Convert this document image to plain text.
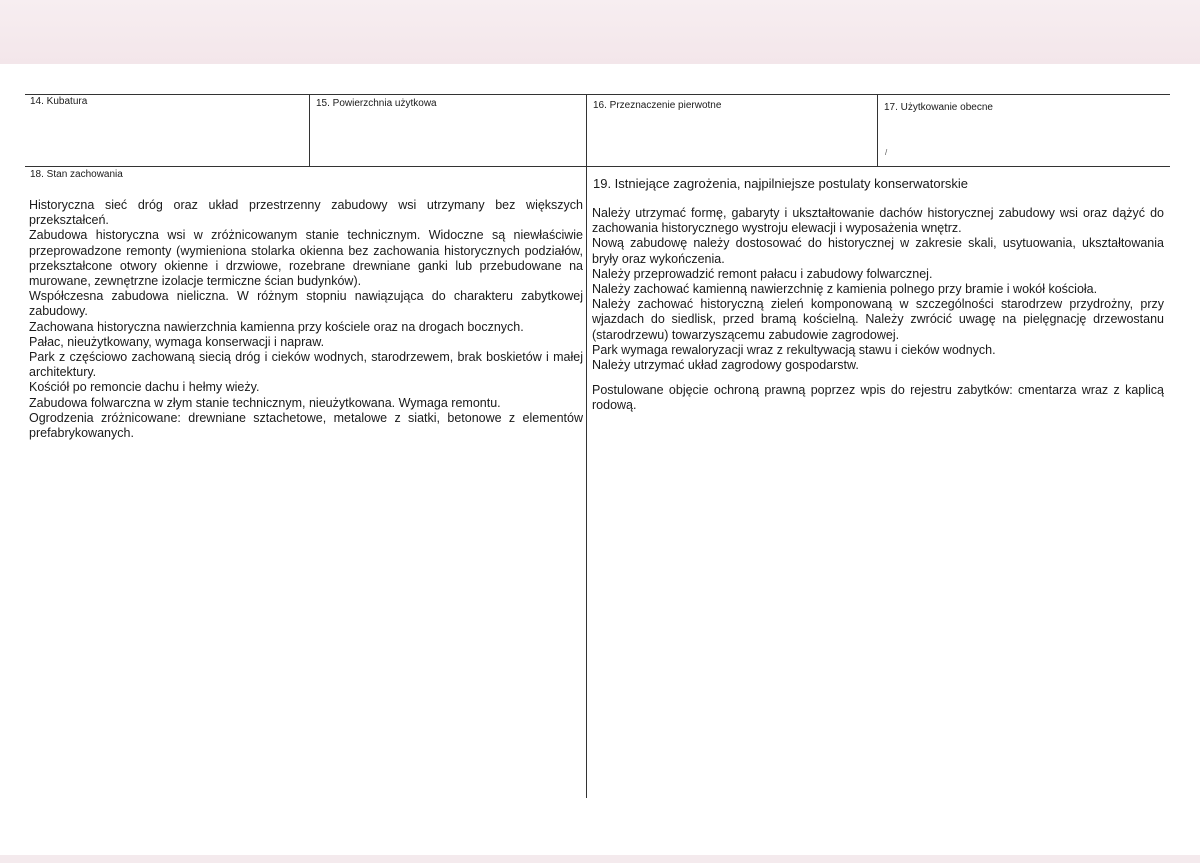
14. Kubatura	15. Powierzchnia użytkowa	16. Przeznaczenie pierwotne	17. Użytkowanie obecne
/
18. Stan zachowania

Historyczna sieć dróg oraz układ przestrzenny zabudowy wsi utrzymany bez większych przekształceń.

Zabudowa historyczna wsi w zróżnicowanym stanie technicznym. Widoczne są niewłaściwie przeprowadzone remonty (wymieniona stolarka okienna bez zachowania historycznych podziałów, przekształcone otwory okienne i drzwiowe, rozebrane drewniane ganki lub przebudowane na murowane, zewnętrzne izolacje termiczne ścian budynków).

Współczesna zabudowa nieliczna. W różnym stopniu nawiązująca do charakteru zabytkowej zabudowy.

Zachowana historyczna nawierzchnia kamienna przy kościele oraz na drogach bocznych.

Pałac, nieużytkowany, wymaga konserwacji i napraw.

Park z częściowo zachowaną siecią dróg i cieków wodnych, starodrzewem, brak boskietów i małej architektury.

Kościół po remoncie dachu i hełmy wieży.

Zabudowa folwarczna w złym stanie technicznym, nieużytkowana. Wymaga remontu.

Ogrodzenia zróżnicowane: drewniane sztachetowe, metalowe z siatki, betonowe z elementów prefabrykowanych.

19. Istniejące zagrożenia, najpilniejsze postulaty konserwatorskie

Należy utrzymać formę, gabaryty i ukształtowanie dachów historycznej zabudowy wsi oraz dążyć do zachowania historycznego wystroju elewacji i wyposażenia wnętrz.

Nową zabudowę należy dostosować do historycznej w zakresie skali, usytuowania, ukształtowania bryły oraz wykończenia.

Należy przeprowadzić remont pałacu i zabudowy folwarcznej.

Należy zachować kamienną nawierzchnię z kamienia polnego przy bramie i wokół kościoła.

Należy zachować historyczną zieleń komponowaną w szczególności starodrzew przydrożny, przy wjazdach do siedlisk, przed bramą kościelną. Należy zwrócić uwagę na pielęgnację drzewostanu (starodrzewu) towarzyszącemu zabudowie zagrodowej.

Park wymaga rewaloryzacji wraz z rekultywacją stawu i cieków wodnych.

Należy utrzymać układ zagrodowy gospodarstw.

Postulowane objęcie ochroną prawną poprzez wpis do rejestru zabytków: cmentarza wraz z kaplicą rodową.
